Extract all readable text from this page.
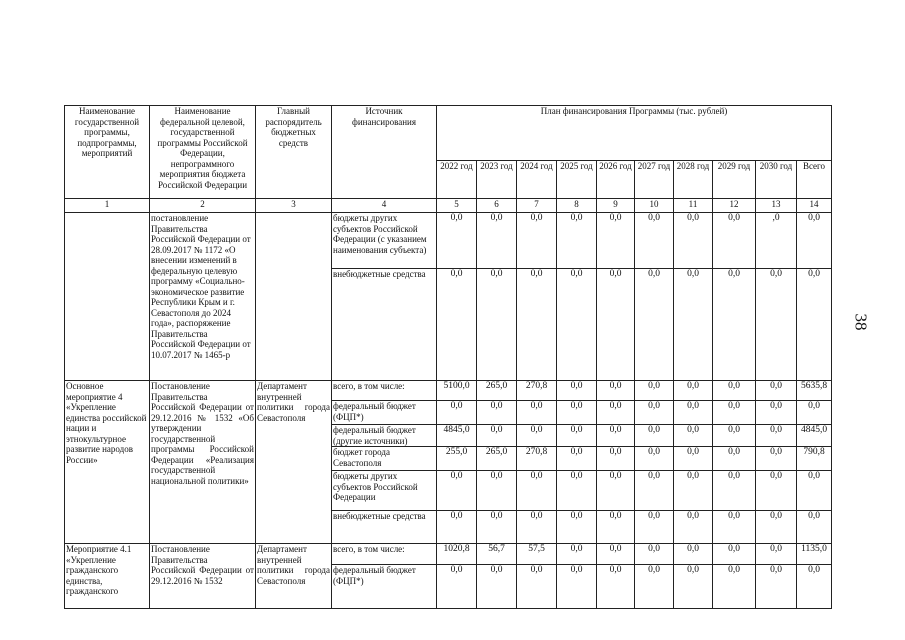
38
Наименование государственной программы, подпрограммы, мероприятий	Наименование федеральной целевой, государственной программы Российской Федерации, непрограммного мероприятия бюджета Российской Федерации	Главный распорядитель бюджетных средств	Источник финансирования	План финансирования Программы (тыс. рублей)									
				2022 год	2023 год	2024 год	2025 год	2026 год	2027 год	2028 год	2029 год	2030 год	Всего
1	2	3	4	5	6	7	8	9	10	11	12	13	14
	постановление Правительства Российской Федерации от 28.09.2017 № 1172 «О внесении изменений в федеральную целевую программу «Социально-экономическое развитие Республики Крым и г. Севастополя до 2024 года», распоряжение Правительства Российской Федерации от 10.07.2017 № 1465-р		бюджеты других субъектов Российской Федерации (с указанием наименования субъекта)	0,0	0,0	0,0	0,0	0,0	0,0	0,0	0,0	,0	0,0
			внебюджетные средства	0,0	0,0	0,0	0,0	0,0	0,0	0,0	0,0	0,0	0,0
Основное мероприятие 4 «Укрепление единства российской нации и этнокультурное развитие народов России»	Постановление Правительства Российской Федерации от 29.12.2016 № 1532 «Об утверждении государственной программы Российской Федерации «Реализация государственной национальной политики»	Департамент внутренней политики города Севастополя	всего, в том числе:	5100,0	265,0	270,8	0,0	0,0	0,0	0,0	0,0	0,0	5635,8
			федеральный бюджет (ФЦП*)	0,0	0,0	0,0	0,0	0,0	0,0	0,0	0,0	0,0	0,0
			федеральный бюджет (другие источники)	4845,0	0,0	0,0	0,0	0,0	0,0	0,0	0,0	0,0	4845,0
			бюджет города Севастополя	255,0	265,0	270,8	0,0	0,0	0,0	0,0	0,0	0,0	790,8
			бюджеты других субъектов Российской Федерации	0,0	0,0	0,0	0,0	0,0	0,0	0,0	0,0	0,0	0,0
			внебюджетные средства	0,0	0,0	0,0	0,0	0,0	0,0	0,0	0,0	0,0	0,0
Мероприятие 4.1 «Укрепление гражданского единства, гражданского	Постановление Правительства Российской Федерации от 29.12.2016 № 1532	Департамент внутренней политики города Севастополя	всего, в том числе:	1020,8	56,7	57,5	0,0	0,0	0,0	0,0	0,0	0,0	1135,0
			федеральный бюджет (ФЦП*)	0,0	0,0	0,0	0,0	0,0	0,0	0,0	0,0	0,0	0,0
